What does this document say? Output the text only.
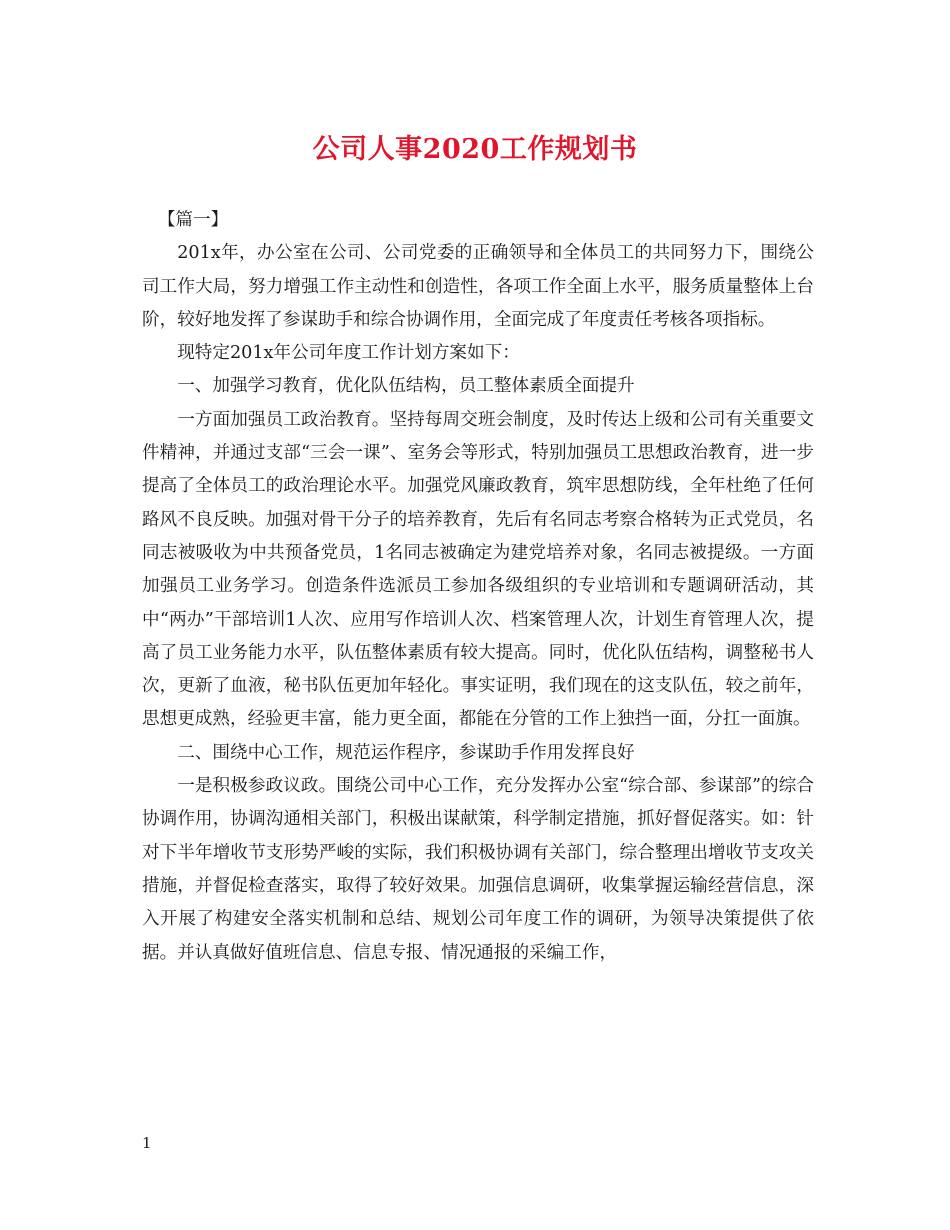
公司人事2020工作规划书

【篇一】

201x年，办公室在公司、公司党委的正确领导和全体员工的共同努力下，围绕公司工作大局，努力增强工作主动性和创造性，各项工作全面上水平，服务质量整体上台阶，较好地发挥了参谋助手和综合协调作用，全面完成了年度责任考核各项指标。

现特定201x年公司年度工作计划方案如下：

一、加强学习教育，优化队伍结构，员工整体素质全面提升

一方面加强员工政治教育。坚持每周交班会制度，及时传达上级和公司有关重要文件精神，并通过支部“三会一课”、室务会等形式，特别加强员工思想政治教育，进一步提高了全体员工的政治理论水平。加强党风廉政教育，筑牢思想防线，全年杜绝了任何路风不良反映。加强对骨干分子的培养教育，先后有名同志考察合格转为正式党员，名同志被吸收为中共预备党员，1名同志被确定为建党培养对象，名同志被提级。一方面加强员工业务学习。创造条件选派员工参加各级组织的专业培训和专题调研活动，其中“两办”干部培训1人次、应用写作培训人次、档案管理人次，计划生育管理人次，提高了员工业务能力水平，队伍整体素质有较大提高。同时，优化队伍结构，调整秘书人次，更新了血液，秘书队伍更加年轻化。事实证明，我们现在的这支队伍，较之前年，思想更成熟，经验更丰富，能力更全面，都能在分管的工作上独挡一面，分扛一面旗。

二、围绕中心工作，规范运作程序，参谋助手作用发挥良好

一是积极参政议政。围绕公司中心工作，充分发挥办公室“综合部、参谋部”的综合协调作用，协调沟通相关部门，积极出谋献策，科学制定措施，抓好督促落实。如：针对下半年增收节支形势严峻的实际，我们积极协调有关部门，综合整理出增收节支攻关措施，并督促检查落实，取得了较好效果。加强信息调研，收集掌握运输经营信息，深入开展了构建安全落实机制和总结、规划公司年度工作的调研，为领导决策提供了依据。并认真做好值班信息、信息专报、情况通报的采编工作，

1
